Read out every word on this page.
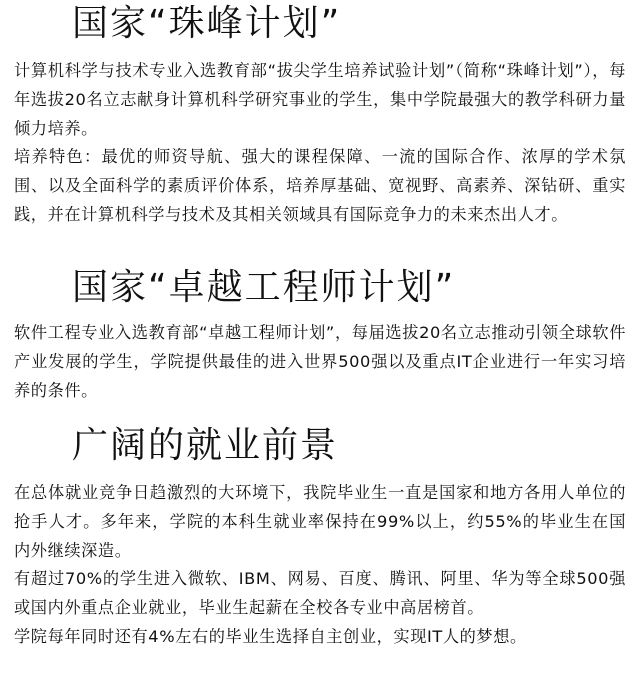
国家“珠峰计划”

计算机科学与技术专业入选教育部“拔尖学生培养试验计划”（简称“珠峰计划”），每年选拔20名立志献身计算机科学研究事业的学生，集中学院最强大的教学科研力量倾力培养。

培养特色：最优的师资导航、强大的课程保障、一流的国际合作、浓厚的学术氛围、以及全面科学的素质评价体系，培养厚基础、宽视野、高素养、深钻研、重实践，并在计算机科学与技术及其相关领域具有国际竞争力的未来杰出人才。

国家“卓越工程师计划”

软件工程专业入选教育部“卓越工程师计划”，每届选拔20名立志推动引领全球软件产业发展的学生，学院提供最佳的进入世界500强以及重点IT企业进行一年实习培养的条件。

广阔的就业前景

在总体就业竞争日趋激烈的大环境下，我院毕业生一直是国家和地方各用人单位的抢手人才。多年来，学院的本科生就业率保持在99%以上，约55%的毕业生在国内外继续深造。

有超过70%的学生进入微软、IBM、网易、百度、腾讯、阿里、华为等全球500强或国内外重点企业就业，毕业生起薪在全校各专业中高居榜首。

学院每年同时还有4%左右的毕业生选择自主创业，实现IT人的梦想。
